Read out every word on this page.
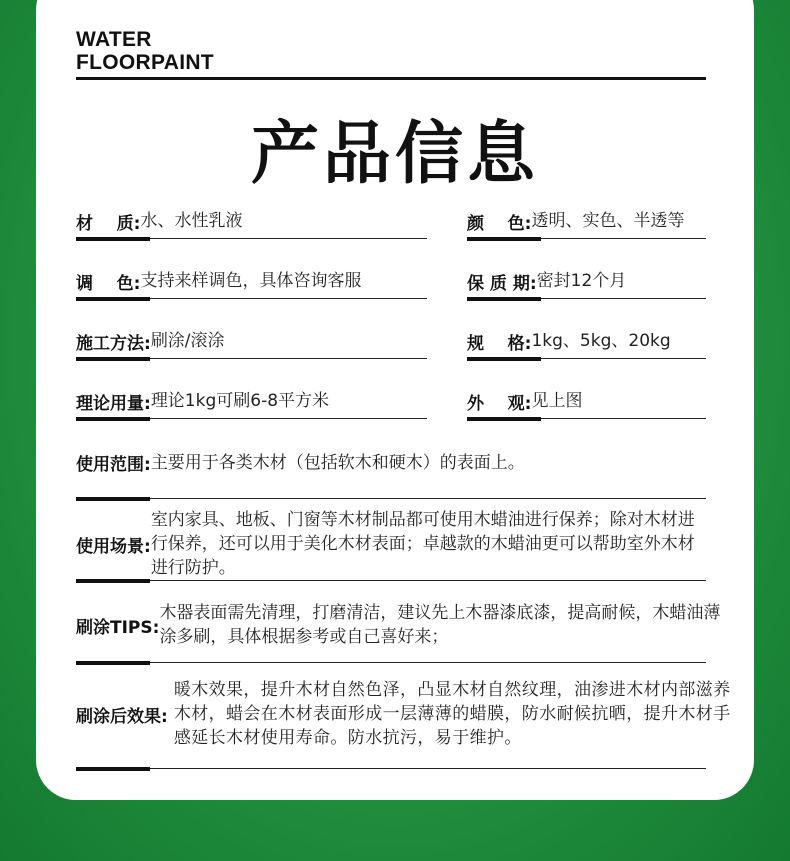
WATER
FLOORPAINT
产品信息
材    质: 水、水性乳液
调    色: 支持来样调色，具体咨询客服
施工方法: 刷涂/滚涂
理论用量: 理论1kg可刷6-8平方米
颜    色: 透明、实色、半透等
保 质 期: 密封12个月
规    格: 1kg、5kg、20kg
外    观: 见上图
使用范围: 主要用于各类木材（包括软木和硬木）的表面上。
使用场景:
室内家具、地板、门窗等木材制品都可使用木蜡油进行保养；除对木材进行保养，还可以用于美化木材表面；卓越款的木蜡油更可以帮助室外木材进行防护。
刷涂TIPS:
木器表面需先清理，打磨清洁，建议先上木器漆底漆，提高耐候，木蜡油薄涂多刷，具体根据参考或自己喜好来；
刷涂后效果:
暖木效果，提升木材自然色泽，凸显木材自然纹理，油渗进木材内部滋养木材，蜡会在木材表面形成一层薄薄的蜡膜，防水耐候抗晒，提升木材手感延长木材使用寿命。防水抗污，易于维护。
